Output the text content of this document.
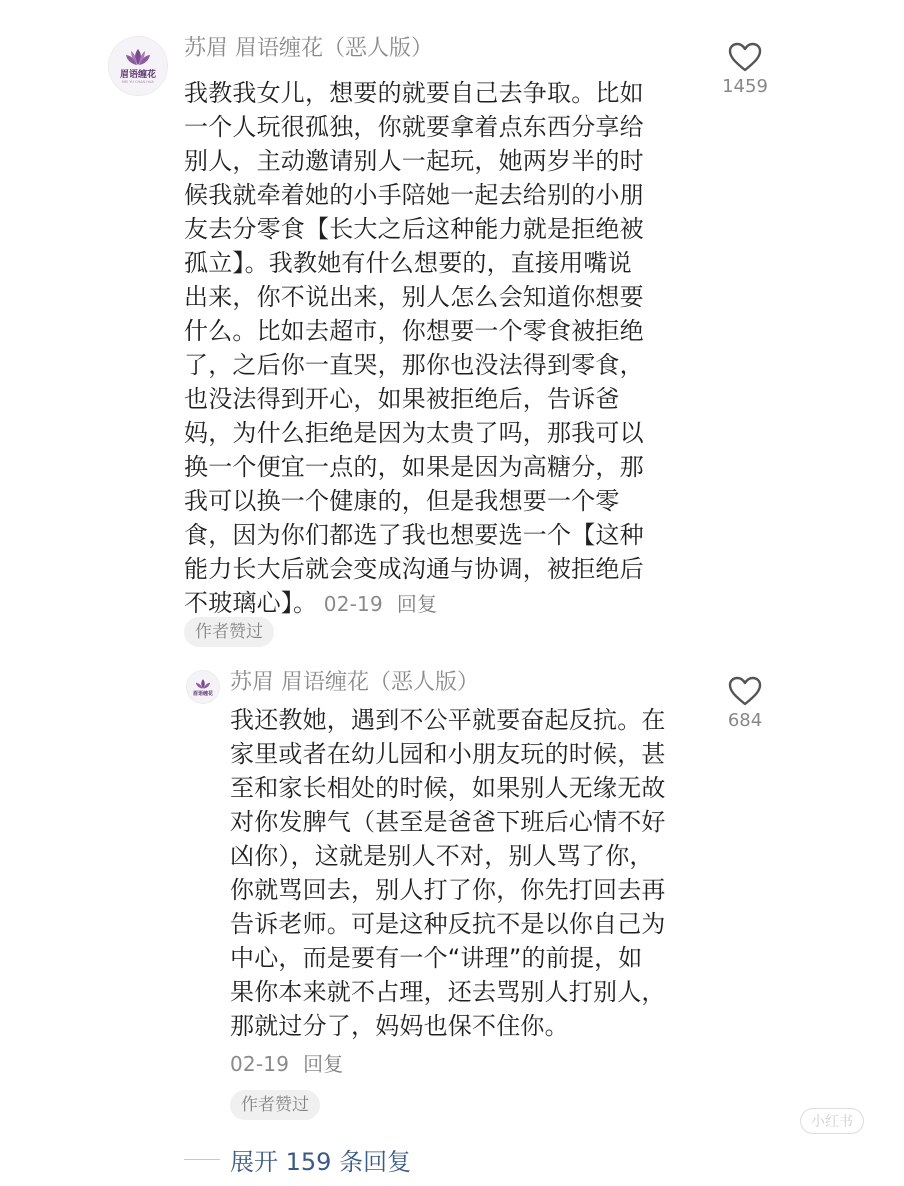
眉语缠花
MEI YU CHAN HUA
苏眉 眉语缠花（恶人版）
我教我女儿，想要的就要自己去争取。比如
一个人玩很孤独，你就要拿着点东西分享给
别人，主动邀请别人一起玩，她两岁半的时
候我就牵着她的小手陪她一起去给别的小朋
友去分零食【长大之后这种能力就是拒绝被
孤立】。我教她有什么想要的，直接用嘴说
出来，你不说出来，别人怎么会知道你想要
什么。比如去超市，你想要一个零食被拒绝
了，之后你一直哭，那你也没法得到零食，
也没法得到开心，如果被拒绝后，告诉爸
妈，为什么拒绝是因为太贵了吗，那我可以
换一个便宜一点的，如果是因为高糖分，那
我可以换一个健康的，但是我想要一个零
食，因为你们都选了我也想要选一个【这种
能力长大后就会变成沟通与协调，被拒绝后
不玻璃心】。 02-19 回复
1459
作者赞过
眉语缠花 苏眉 眉语缠花（恶人版）
我还教她，遇到不公平就要奋起反抗。在
家里或者在幼儿园和小朋友玩的时候，甚
至和家长相处的时候，如果别人无缘无故
对你发脾气（甚至是爸爸下班后心情不好
凶你），这就是别人不对，别人骂了你，
你就骂回去，别人打了你，你先打回去再
告诉老师。可是这种反抗不是以你自己为
中心，而是要有一个“讲理”的前提，如
果你本来就不占理，还去骂别人打别人，
那就过分了，妈妈也保不住你。
02-19 回复
684
作者赞过
展开 159 条回复
小红书
